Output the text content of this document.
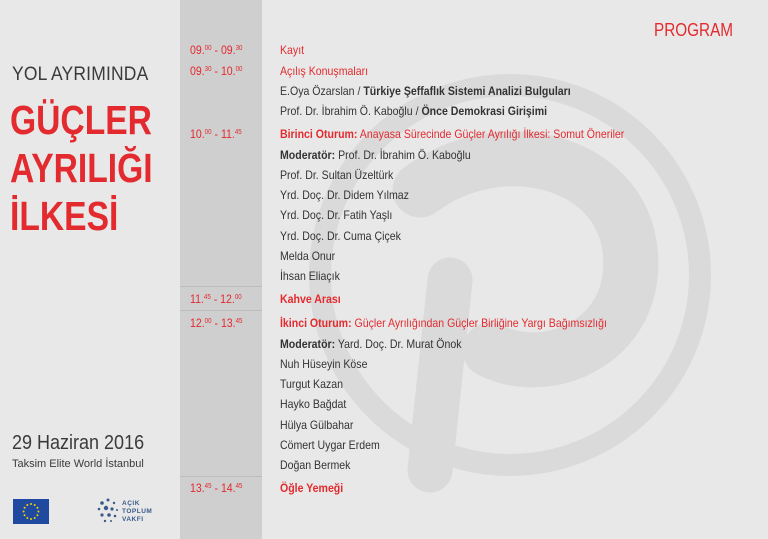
YOL AYRIMINDA
GÜÇLER
AYRILIĞI
İLKESİ
29 Haziran 2016
Taksim Elite World İstanbul
PROGRAM
09.00 - 09.30
09.30 - 10.00
10.00 - 11.45
11.45 - 12.00
12.00 - 13.45
13.45 - 14.45
Kayıt
Açılış Konuşmaları
E.Oya Özarslan / Türkiye Şeffaflık Sistemi Analizi Bulguları
Prof. Dr. İbrahim Ö. Kaboğlu / Önce Demokrasi Girişimi
Birinci Oturum: Anayasa Sürecinde Güçler Ayrılığı İlkesi: Somut Öneriler
Moderatör: Prof. Dr. İbrahim Ö. Kaboğlu
Prof. Dr. Sultan Üzeltürk
Yrd. Doç. Dr. Didem Yılmaz
Yrd. Doç. Dr. Fatih Yaşlı
Yrd. Doç. Dr. Cuma Çiçek
Melda Onur
İhsan Eliaçık
Kahve Arası
İkinci Oturum: Güçler Ayrılığından Güçler Birliğine Yargı Bağımsızlığı
Moderatör: Yard. Doç. Dr. Murat Önok
Nuh Hüseyin Köse
Turgut Kazan
Hayko Bağdat
Hülya Gülbahar
Cömert Uygar Erdem
Doğan Bermek
Öğle Yemeği
AÇIK
TOPLUM
VAKFI
